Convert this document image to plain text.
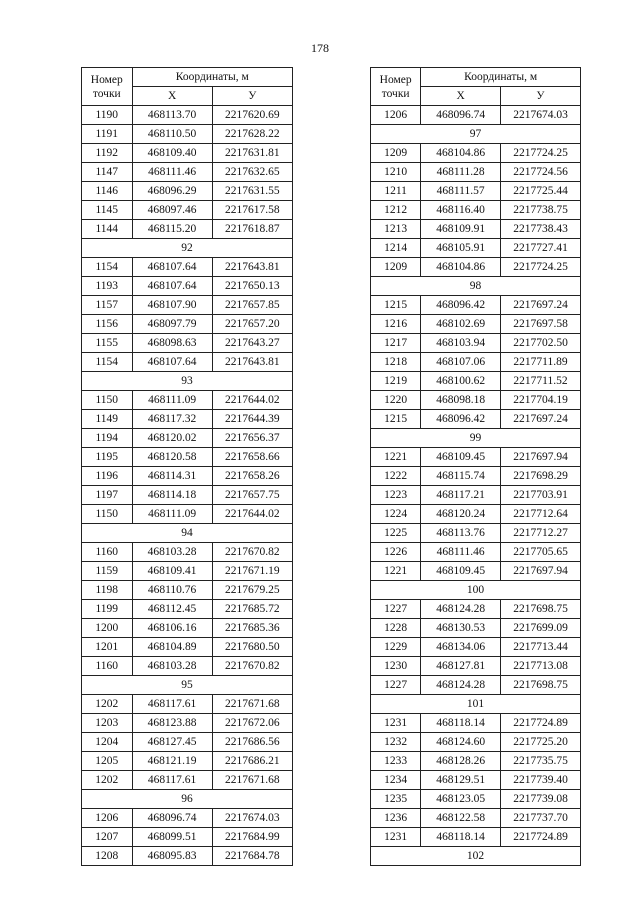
178
Номер
точки	Координаты, м	
	X	У
1190	468113.70	2217620.69
1191	468110.50	2217628.22
1192	468109.40	2217631.81
1147	468111.46	2217632.65
1146	468096.29	2217631.55
1145	468097.46	2217617.58
1144	468115.20	2217618.87
92		
1154	468107.64	2217643.81
1193	468107.64	2217650.13
1157	468107.90	2217657.85
1156	468097.79	2217657.20
1155	468098.63	2217643.27
1154	468107.64	2217643.81
93		
1150	468111.09	2217644.02
1149	468117.32	2217644.39
1194	468120.02	2217656.37
1195	468120.58	2217658.66
1196	468114.31	2217658.26
1197	468114.18	2217657.75
1150	468111.09	2217644.02
94		
1160	468103.28	2217670.82
1159	468109.41	2217671.19
1198	468110.76	2217679.25
1199	468112.45	2217685.72
1200	468106.16	2217685.36
1201	468104.89	2217680.50
1160	468103.28	2217670.82
95		
1202	468117.61	2217671.68
1203	468123.88	2217672.06
1204	468127.45	2217686.56
1205	468121.19	2217686.21
1202	468117.61	2217671.68
96		
1206	468096.74	2217674.03
1207	468099.51	2217684.99
1208	468095.83	2217684.78
Номер
точки	Координаты, м	
	X	У
1206	468096.74	2217674.03
97		
1209	468104.86	2217724.25
1210	468111.28	2217724.56
1211	468111.57	2217725.44
1212	468116.40	2217738.75
1213	468109.91	2217738.43
1214	468105.91	2217727.41
1209	468104.86	2217724.25
98		
1215	468096.42	2217697.24
1216	468102.69	2217697.58
1217	468103.94	2217702.50
1218	468107.06	2217711.89
1219	468100.62	2217711.52
1220	468098.18	2217704.19
1215	468096.42	2217697.24
99		
1221	468109.45	2217697.94
1222	468115.74	2217698.29
1223	468117.21	2217703.91
1224	468120.24	2217712.64
1225	468113.76	2217712.27
1226	468111.46	2217705.65
1221	468109.45	2217697.94
100		
1227	468124.28	2217698.75
1228	468130.53	2217699.09
1229	468134.06	2217713.44
1230	468127.81	2217713.08
1227	468124.28	2217698.75
101		
1231	468118.14	2217724.89
1232	468124.60	2217725.20
1233	468128.26	2217735.75
1234	468129.51	2217739.40
1235	468123.05	2217739.08
1236	468122.58	2217737.70
1231	468118.14	2217724.89
102		
